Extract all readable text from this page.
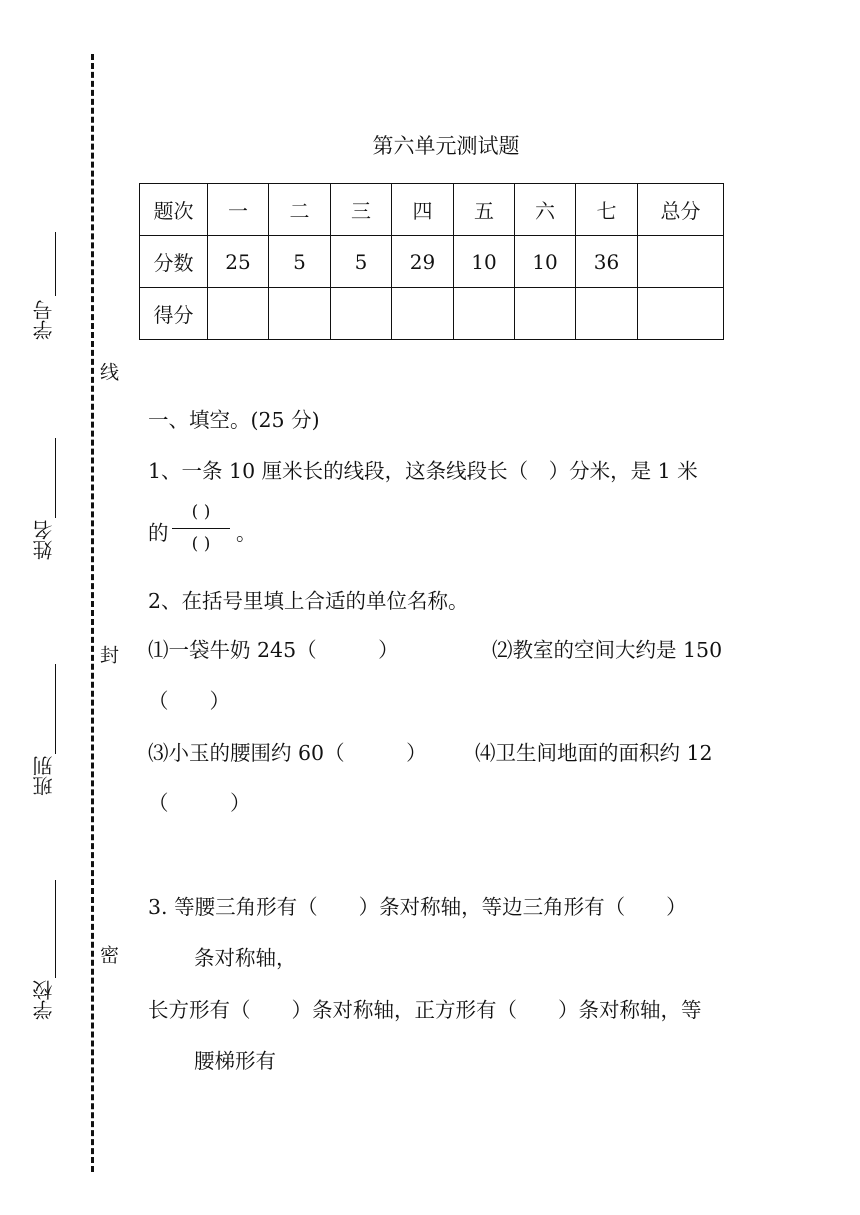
学号
姓名
班别
学校
线
封
密
第六单元测试题
题次	一	二	三	四	五	六	七	总分
分数	25	5	5	29	10	10	36	
得分								
一、填空。(25 分)
1、一条 10 厘米长的线段，这条线段长（　）分米，是 1 米
的
( )
( )	。
2、在括号里填上合适的单位名称。
⑴一袋牛奶 245（　　　）	⑵教室的空间大约是 150
（　　）
⑶小玉的腰围约 60（　　　） ⑷卫生间地面的面积约 12
（　　　）
3. 等腰三角形有（　　）条对称轴，等边三角形有（　　）
条对称轴，
长方形有（　　）条对称轴，正方形有（　　）条对称轴，等
腰梯形有
